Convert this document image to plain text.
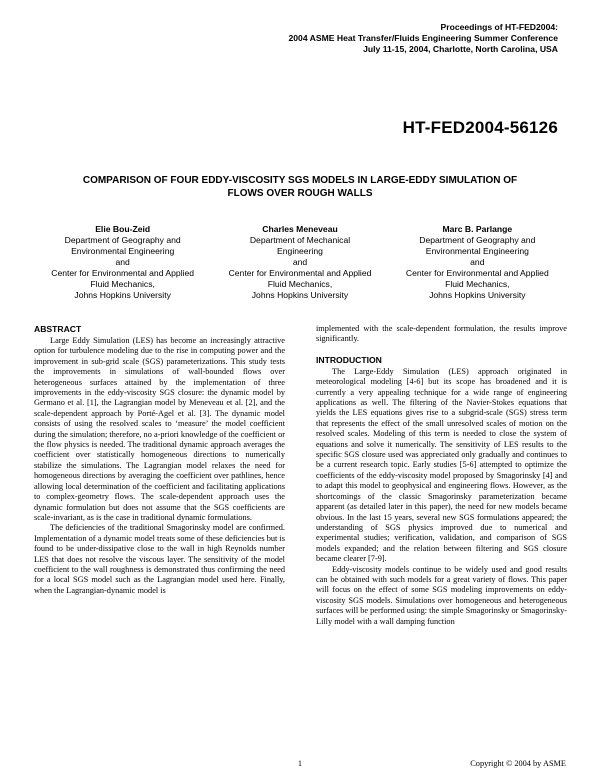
Proceedings of HT-FED2004:
2004 ASME Heat Transfer/Fluids Engineering Summer Conference
July 11-15, 2004, Charlotte, North Carolina, USA
HT-FED2004-56126
COMPARISON OF FOUR EDDY-VISCOSITY SGS MODELS IN LARGE-EDDY SIMULATION OF
FLOWS OVER ROUGH WALLS
Elie Bou-Zeid
Department of Geography and
Environmental Engineering
and
Center for Environmental and Applied
Fluid Mechanics,
Johns Hopkins University
Charles Meneveau
Department of Mechanical
Engineering
and
Center for Environmental and Applied
Fluid Mechanics,
Johns Hopkins University
Marc B. Parlange
Department of Geography and
Environmental Engineering
and
Center for Environmental and Applied
Fluid Mechanics,
Johns Hopkins University
ABSTRACT

Large Eddy Simulation (LES) has become an increasingly attractive option for turbulence modeling due to the rise in computing power and the improvement in sub-grid scale (SGS) parameterizations. This study tests the improvements in simulations of wall-bounded flows over heterogeneous surfaces attained by the implementation of three improvements in the eddy-viscosity SGS closure: the dynamic model by Germano et al. [1], the Lagrangian model by Meneveau et al. [2], and the scale-dependent approach by Porté-Agel et al. [3]. The dynamic model consists of using the resolved scales to ‘measure’ the model coefficient during the simulation; therefore, no a-priori knowledge of the coefficient or the flow physics is needed. The traditional dynamic approach averages the coefficient over statistically homogeneous directions to numerically stabilize the simulations. The Lagrangian model relaxes the need for homogeneous directions by averaging the coefficient over pathlines, hence allowing local determination of the coefficient and facilitating applications to complex-geometry flows. The scale-dependent approach uses the dynamic formulation but does not assume that the SGS coefficients are scale-invariant, as is the case in traditional dynamic formulations.

The deficiencies of the traditional Smagorinsky model are confirmed. Implementation of a dynamic model treats some of these deficiencies but is found to be under-dissipative close to the wall in high Reynolds number LES that does not resolve the viscous layer. The sensitivity of the model coefficient to the wall roughness is demonstrated thus confirming the need for a local SGS model such as the Lagrangian model used here. Finally, when the Lagrangian-dynamic model is

implemented with the scale-dependent formulation, the results improve significantly.

INTRODUCTION

The Large-Eddy Simulation (LES) approach originated in meteorological modeling [4-6] but its scope has broadened and it is currently a very appealing technique for a wide range of engineering applications as well. The filtering of the Navier-Stokes equations that yields the LES equations gives rise to a subgrid-scale (SGS) stress term that represents the effect of the small unresolved scales of motion on the resolved scales. Modeling of this term is needed to close the system of equations and solve it numerically. The sensitivity of LES results to the specific SGS closure used was appreciated only gradually and continues to be a current research topic. Early studies [5-6] attempted to optimize the coefficients of the eddy-viscosity model proposed by Smagorinsky [4] and to adapt this model to geophysical and engineering flows. However, as the shortcomings of the classic Smagorinsky parameterization became apparent (as detailed later in this paper), the need for new models became obvious. In the last 15 years, several new SGS formulations appeared; the understanding of SGS physics improved due to numerical and experimental studies; verification, validation, and comparison of SGS models expanded; and the relation between filtering and SGS closure became clearer [7-9].

Eddy-viscosity models continue to be widely used and good results can be obtained with such models for a great variety of flows. This paper will focus on the effect of some SGS modeling improvements on eddy-viscosity SGS models. Simulations over homogeneous and heterogeneous surfaces will be performed using: the simple Smagorinsky or Smagorinsky-Lilly model with a wall damping function

1	Copyright © 2004 by ASME
